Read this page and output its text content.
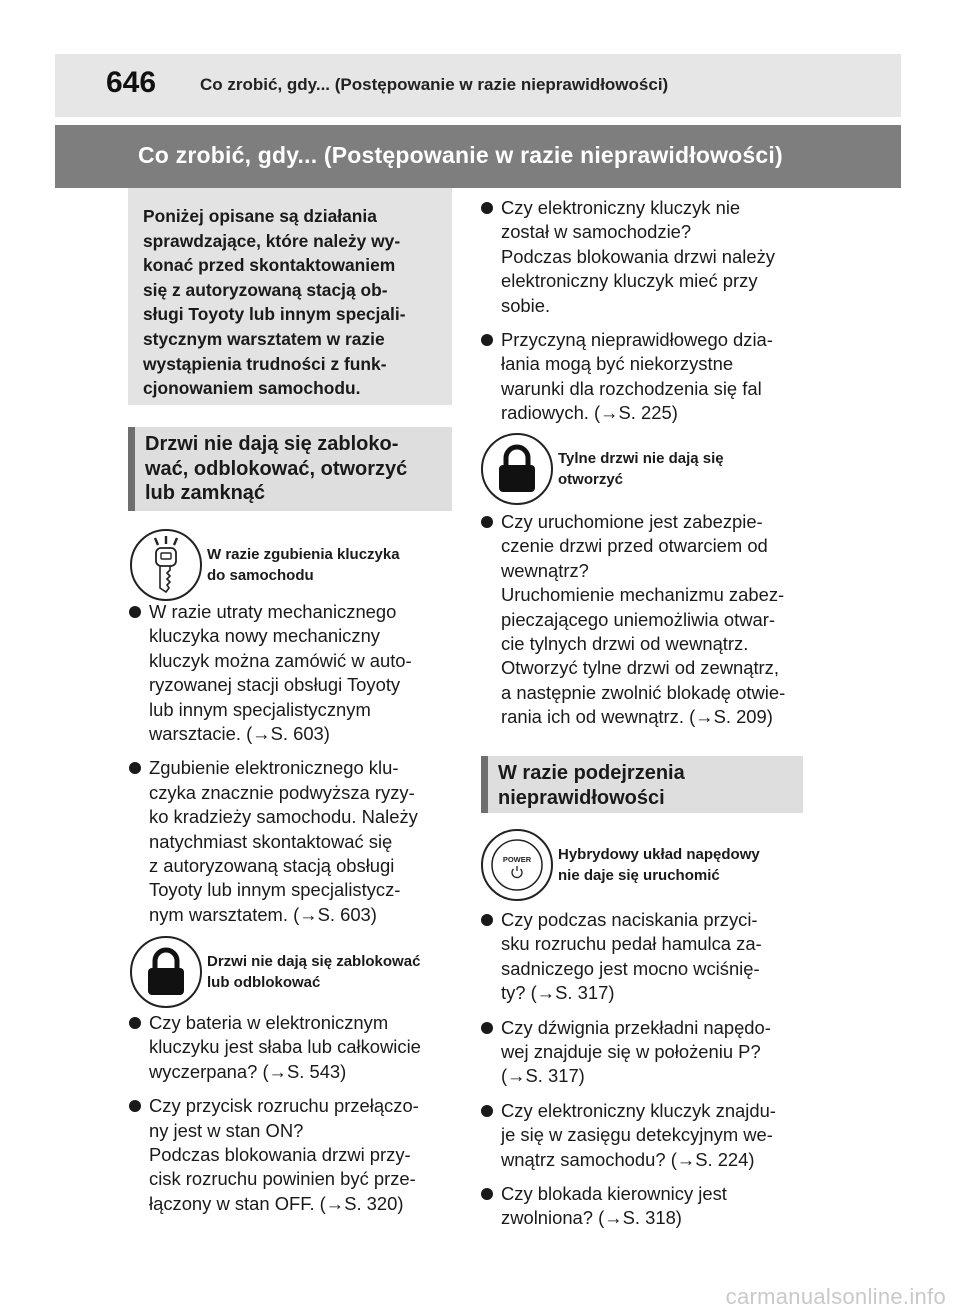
646	Co zrobić, gdy... (Postępowanie w razie nieprawidłowości)
Co zrobić, gdy... (Postępowanie w razie nieprawidłowości)

Poniżej opisane są działania

sprawdzające, które należy wy-

konać przed skontaktowaniem

się z autoryzowaną stacją ob-

sługi Toyoty lub innym specjali-

stycznym warsztatem w razie

wystąpienia trudności z funk-

cjonowaniem samochodu.

Drzwi nie dają się zabloko-

wać, odblokować, otworzyć

lub zamknąć

W razie zgubienia kluczyka
do samochodu

W razie utraty mechanicznego

kluczyka nowy mechaniczny

kluczyk można zamówić w auto-

ryzowanej stacji obsługi Toyoty

lub innym specjalistycznym

warsztacie. (→S. 603)

Zgubienie elektronicznego klu-

czyka znacznie podwyższa ryzy-

ko kradzieży samochodu. Należy

natychmiast skontaktować się

z autoryzowaną stacją obsługi

Toyoty lub innym specjalistycz-

nym warsztatem. (→S. 603)

Drzwi nie dają się zablokować
lub odblokować

Czy bateria w elektronicznym

kluczyku jest słaba lub całkowicie

wyczerpana? (→S. 543)

Czy przycisk rozruchu przełączo-

ny jest w stan ON?

Podczas blokowania drzwi przy-

cisk rozruchu powinien być prze-

łączony w stan OFF. (→S. 320)

Czy elektroniczny kluczyk nie

został w samochodzie?

Podczas blokowania drzwi należy

elektroniczny kluczyk mieć przy

sobie.

Przyczyną nieprawidłowego dzia-

łania mogą być niekorzystne

warunki dla rozchodzenia się fal

radiowych. (→S. 225)

Tylne drzwi nie dają się
otworzyć

Czy uruchomione jest zabezpie-

czenie drzwi przed otwarciem od

wewnątrz?

Uruchomienie mechanizmu zabez-

pieczającego uniemożliwia otwar-

cie tylnych drzwi od wewnątrz.

Otworzyć tylne drzwi od zewnątrz,

a następnie zwolnić blokadę otwie-

rania ich od wewnątrz. (→S. 209)

W razie podejrzenia

nieprawidłowości

POWER Hybrydowy układ napędowy
nie daje się uruchomić

Czy podczas naciskania przyci-

sku rozruchu pedał hamulca za-

sadniczego jest mocno wciśnię-

ty? (→S. 317)

Czy dźwignia przekładni napędo-

wej znajduje się w położeniu P?

(→S. 317)

Czy elektroniczny kluczyk znajdu-

je się w zasięgu detekcyjnym we-

wnątrz samochodu? (→S. 224)

Czy blokada kierownicy jest

zwolniona? (→S. 318)

carmanualsonline.info
